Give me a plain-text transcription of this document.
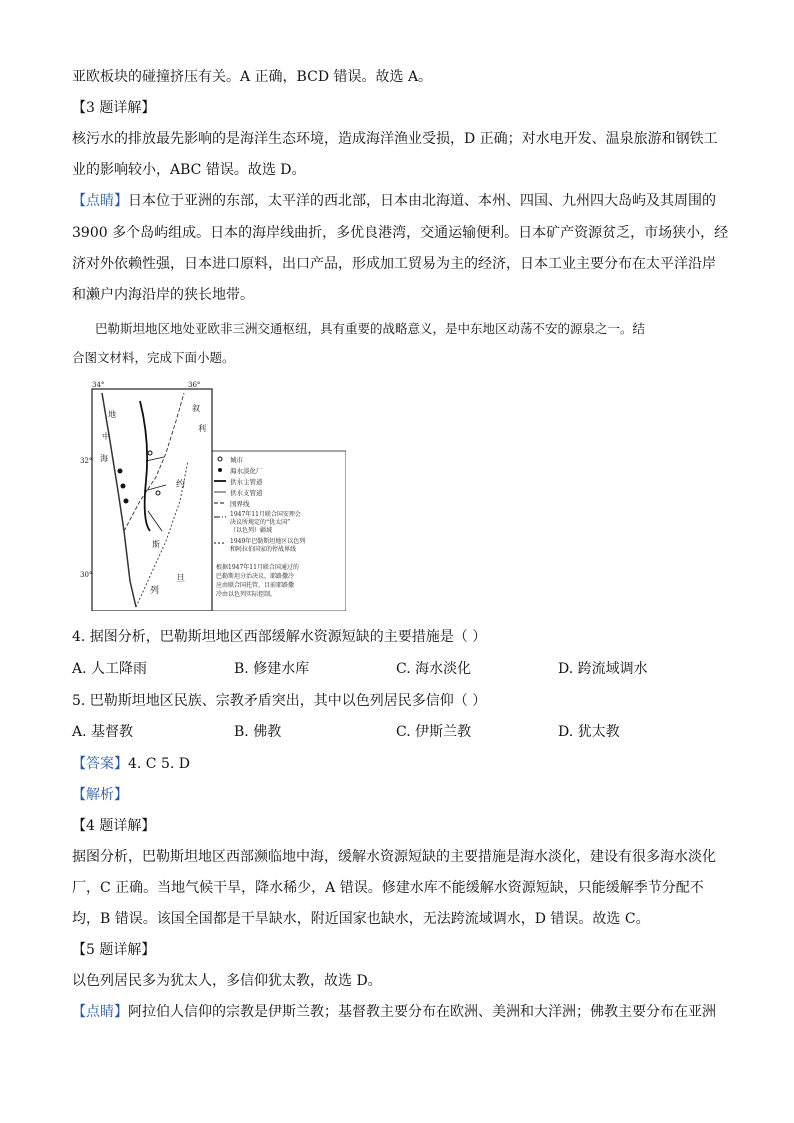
亚欧板块的碰撞挤压有关。A 正确，BCD 错误。故选 A。
【3 题详解】
核污水的排放最先影响的是海洋生态环境，造成海洋渔业受损，D 正确；对水电开发、温泉旅游和钢铁工
业的影响较小，ABC 错误。故选 D。
【点睛】日本位于亚洲的东部，太平洋的西北部，日本由北海道、本州、四国、九州四大岛屿及其周围的
3900 多个岛屿组成。日本的海岸线曲折，多优良港湾，交通运输便利。日本矿产资源贫乏，市场狭小，经
济对外依赖性强，日本进口原料，出口产品，形成加工贸易为主的经济，日本工业主要分布在太平洋沿岸
和濑户内海沿岸的狭长地带。
巴勒斯坦地区地处亚欧非三洲交通枢纽，具有重要的战略意义，是中东地区动荡不安的源泉之一。结
合图文材料，完成下面小题。
34°	36°
32°
30°
地
中
海
叙
利
约
旦
斯
列
城市
海水淡化厂
供水主管道
供水支管道
国界线
1947年11月联合国安理会
决议所规定的“犹太国”
（以色列）疆域
1949年巴勒斯坦地区以色列
和阿拉伯国家的停战界线
根据1947年11月联合国通过的
巴勒斯坦分治决议，耶路撒冷
应由联合国托管，目前耶路撒
冷由以色列实际控制。
4. 据图分析，巴勒斯坦地区西部缓解水资源短缺的主要措施是（ ）
A. 人工降雨	B. 修建水库	C. 海水淡化	D. 跨流域调水
5. 巴勒斯坦地区民族、宗教矛盾突出，其中以色列居民多信仰（ ）
A. 基督教	B. 佛教	C. 伊斯兰教	D. 犹太教
【答案】4. C 5. D
【解析】
【4 题详解】
据图分析，巴勒斯坦地区西部濒临地中海，缓解水资源短缺的主要措施是海水淡化，建设有很多海水淡化
厂，C 正确。当地气候干旱，降水稀少，A 错误。修建水库不能缓解水资源短缺，只能缓解季节分配不
均，B 错误。该国全国都是干旱缺水，附近国家也缺水，无法跨流域调水，D 错误。故选 C。
【5 题详解】
以色列居民多为犹太人，多信仰犹太教，故选 D。
【点睛】阿拉伯人信仰的宗教是伊斯兰教；基督教主要分布在欧洲、美洲和大洋洲；佛教主要分布在亚洲
